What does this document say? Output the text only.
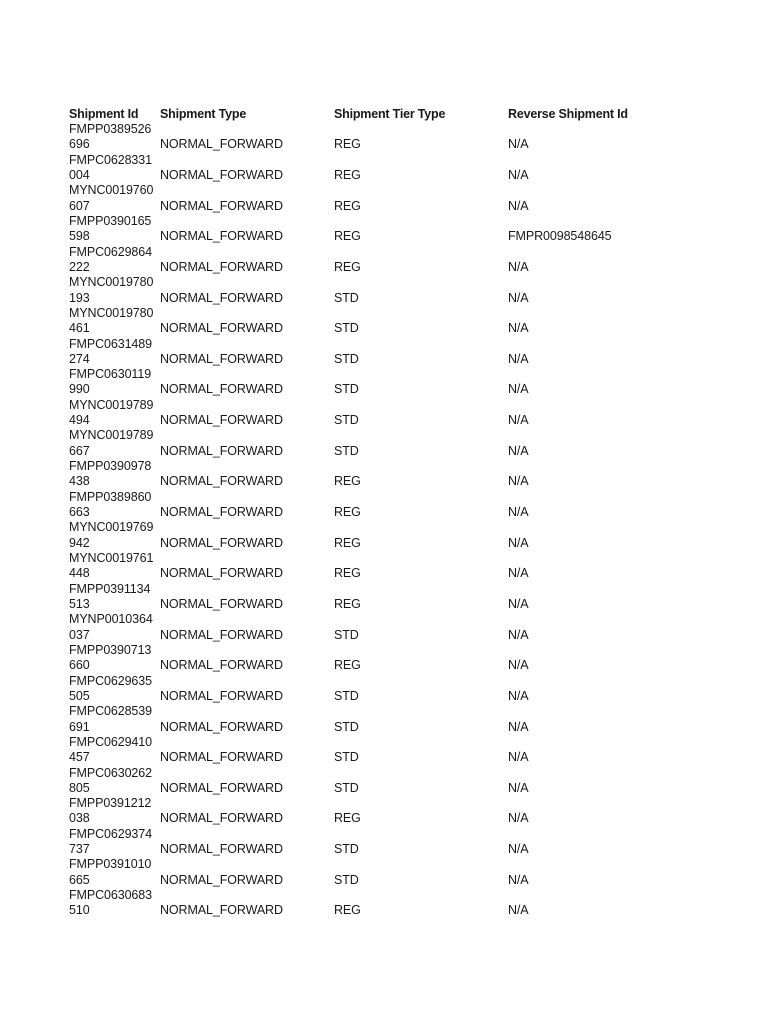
Shipment Id	Shipment Type	Shipment Tier Type	Reverse Shipment Id

FMPP0389526
696	NORMAL_FORWARD	REG	N/A

FMPC0628331
004	NORMAL_FORWARD	REG	N/A

MYNC0019760
607	NORMAL_FORWARD	REG	N/A

FMPP0390165
598	NORMAL_FORWARD	REG	FMPR0098548645

FMPC0629864
222	NORMAL_FORWARD	REG	N/A

MYNC0019780
193	NORMAL_FORWARD	STD	N/A

MYNC0019780
461	NORMAL_FORWARD	STD	N/A

FMPC0631489
274	NORMAL_FORWARD	STD	N/A

FMPC0630119
990	NORMAL_FORWARD	STD	N/A

MYNC0019789
494	NORMAL_FORWARD	STD	N/A

MYNC0019789
667	NORMAL_FORWARD	STD	N/A

FMPP0390978
438	NORMAL_FORWARD	REG	N/A

FMPP0389860
663	NORMAL_FORWARD	REG	N/A

MYNC0019769
942	NORMAL_FORWARD	REG	N/A

MYNC0019761
448	NORMAL_FORWARD	REG	N/A

FMPP0391134
513	NORMAL_FORWARD	REG	N/A

MYNP0010364
037	NORMAL_FORWARD	STD	N/A

FMPP0390713
660	NORMAL_FORWARD	REG	N/A

FMPC0629635
505	NORMAL_FORWARD	STD	N/A

FMPC0628539
691	NORMAL_FORWARD	STD	N/A

FMPC0629410
457	NORMAL_FORWARD	STD	N/A

FMPC0630262
805	NORMAL_FORWARD	STD	N/A

FMPP0391212
038	NORMAL_FORWARD	REG	N/A

FMPC0629374
737	NORMAL_FORWARD	STD	N/A

FMPP0391010
665	NORMAL_FORWARD	STD	N/A

FMPC0630683
510	NORMAL_FORWARD	REG	N/A
